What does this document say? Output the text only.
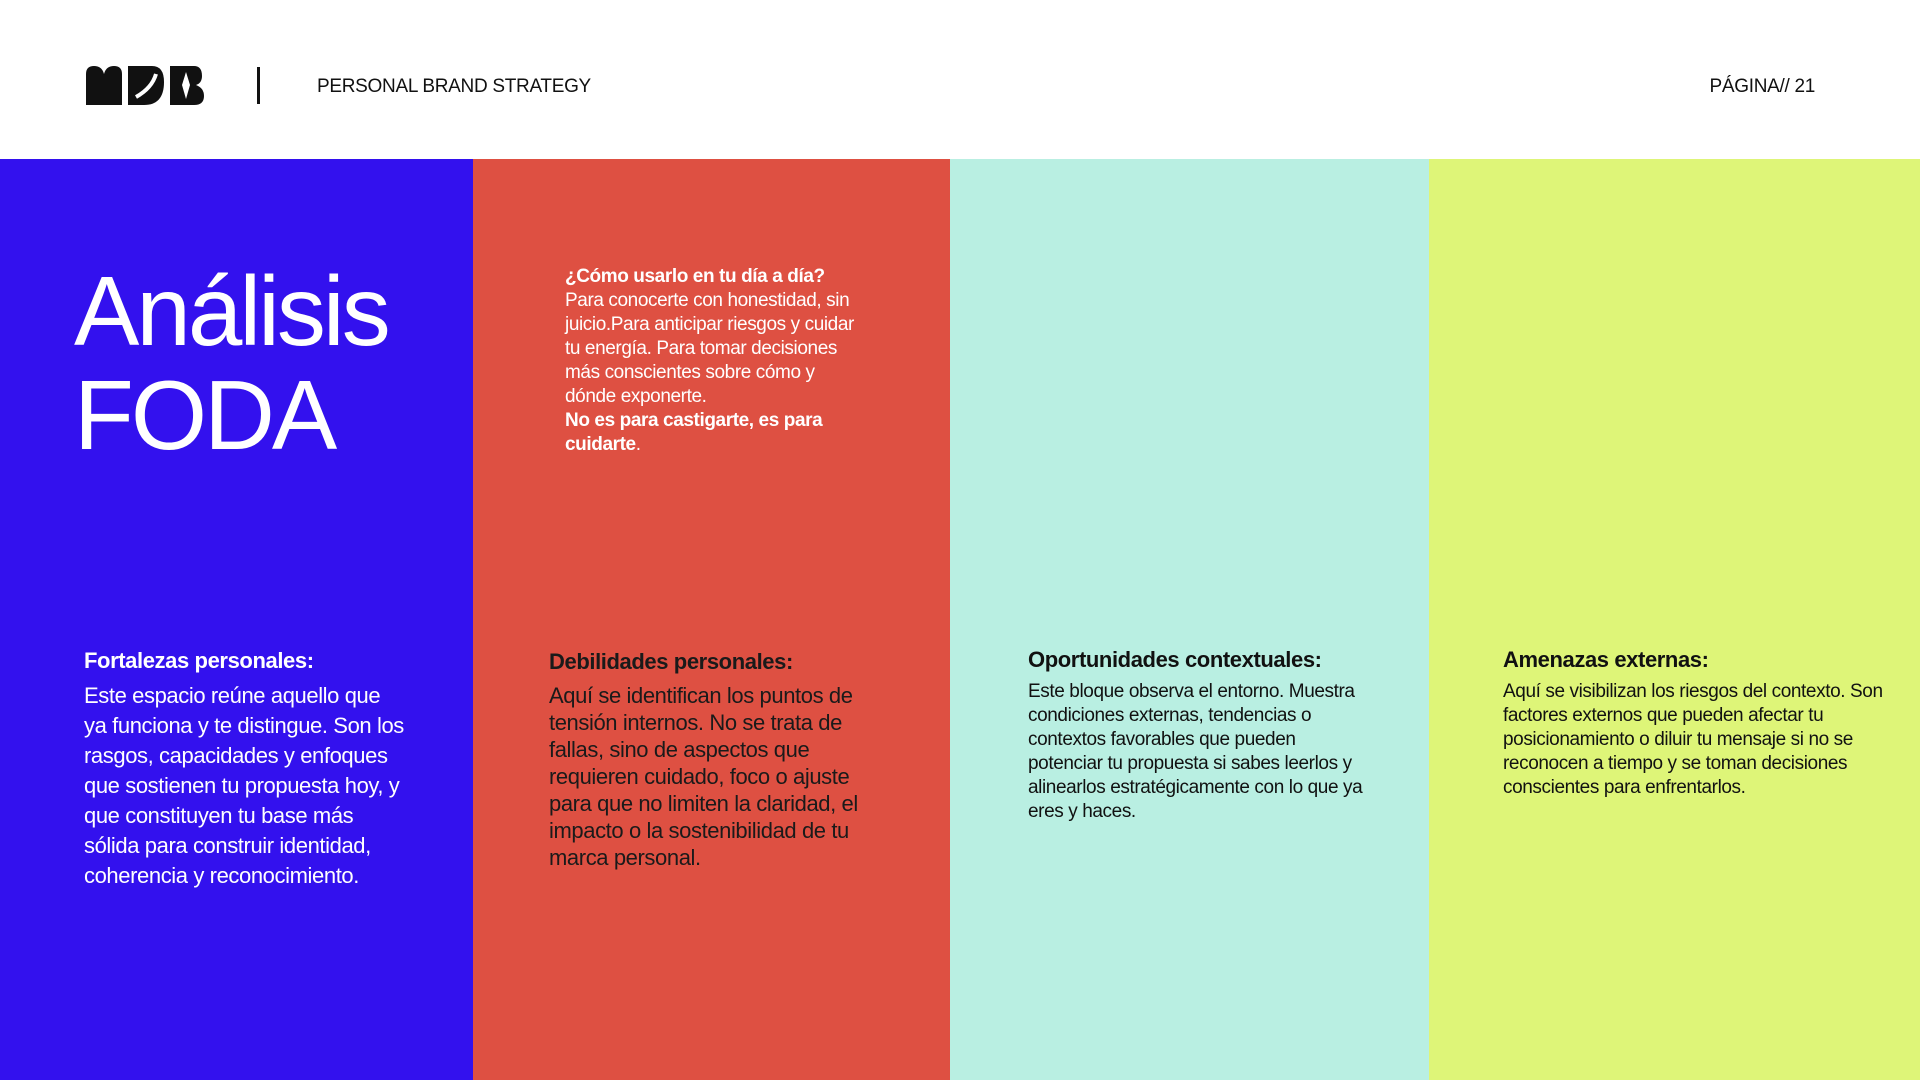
PERSONAL BRAND STRATEGY	PÁGINA// 21
Análisis
FODA
Fortalezas personales:

Este espacio reúne aquello que ya funciona y te distingue. Son los rasgos, capacidades y enfoques que sostienen tu propuesta hoy, y que constituyen tu base más sólida para construir identidad, coherencia y reconocimiento.

¿Cómo usarlo en tu día a día?
Para conocerte con honestidad, sin juicio.Para anticipar riesgos y cuidar tu energía. Para tomar decisiones más conscientes sobre cómo y dónde exponerte.
No es para castigarte, es para cuidarte.
Debilidades personales:

Aquí se identifican los puntos de tensión internos. No se trata de fallas, sino de aspectos que requieren cuidado, foco o ajuste para que no limiten la claridad, el impacto o la sostenibilidad de tu marca personal.

Oportunidades contextuales:

Este bloque observa el entorno. Muestra condiciones externas, tendencias o contextos favorables que pueden potenciar tu propuesta si sabes leerlos y alinearlos estratégicamente con lo que ya eres y haces.

Amenazas externas:

Aquí se visibilizan los riesgos del contexto. Son factores externos que pueden afectar tu posicionamiento o diluir tu mensaje si no se reconocen a tiempo y se toman decisiones conscientes para enfrentarlos.
